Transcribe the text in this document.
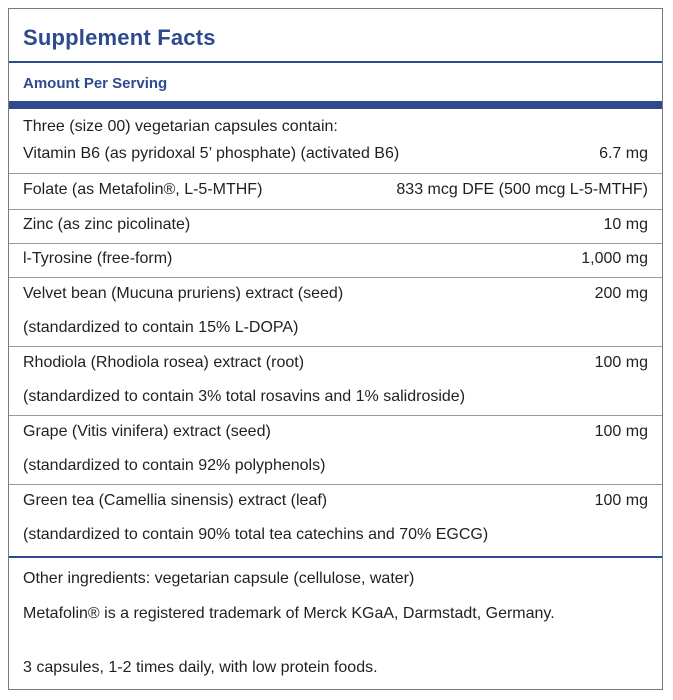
Supplement Facts
Amount Per Serving
Three (size 00) vegetarian capsules contain:
Vitamin B6 (as pyridoxal 5’ phosphate) (activated B6)	6.7 mg
Folate (as Metafolin®, L-5-MTHF)	833 mcg DFE (500 mcg L-5-MTHF)
Zinc (as zinc picolinate)	10 mg
l-Tyrosine (free-form)	1,000 mg
Velvet bean (Mucuna pruriens) extract (seed)	200 mg
(standardized to contain 15% L-DOPA)
Rhodiola (Rhodiola rosea) extract (root)	100 mg
(standardized to contain 3% total rosavins and 1% salidroside)
Grape (Vitis vinifera) extract (seed)	100 mg
(standardized to contain 92% polyphenols)
Green tea (Camellia sinensis) extract (leaf)	100 mg
(standardized to contain 90% total tea catechins and 70% EGCG)
Other ingredients: vegetarian capsule (cellulose, water)
Metafolin® is a registered trademark of Merck KGaA, Darmstadt, Germany.
3 capsules, 1-2 times daily, with low protein foods.
